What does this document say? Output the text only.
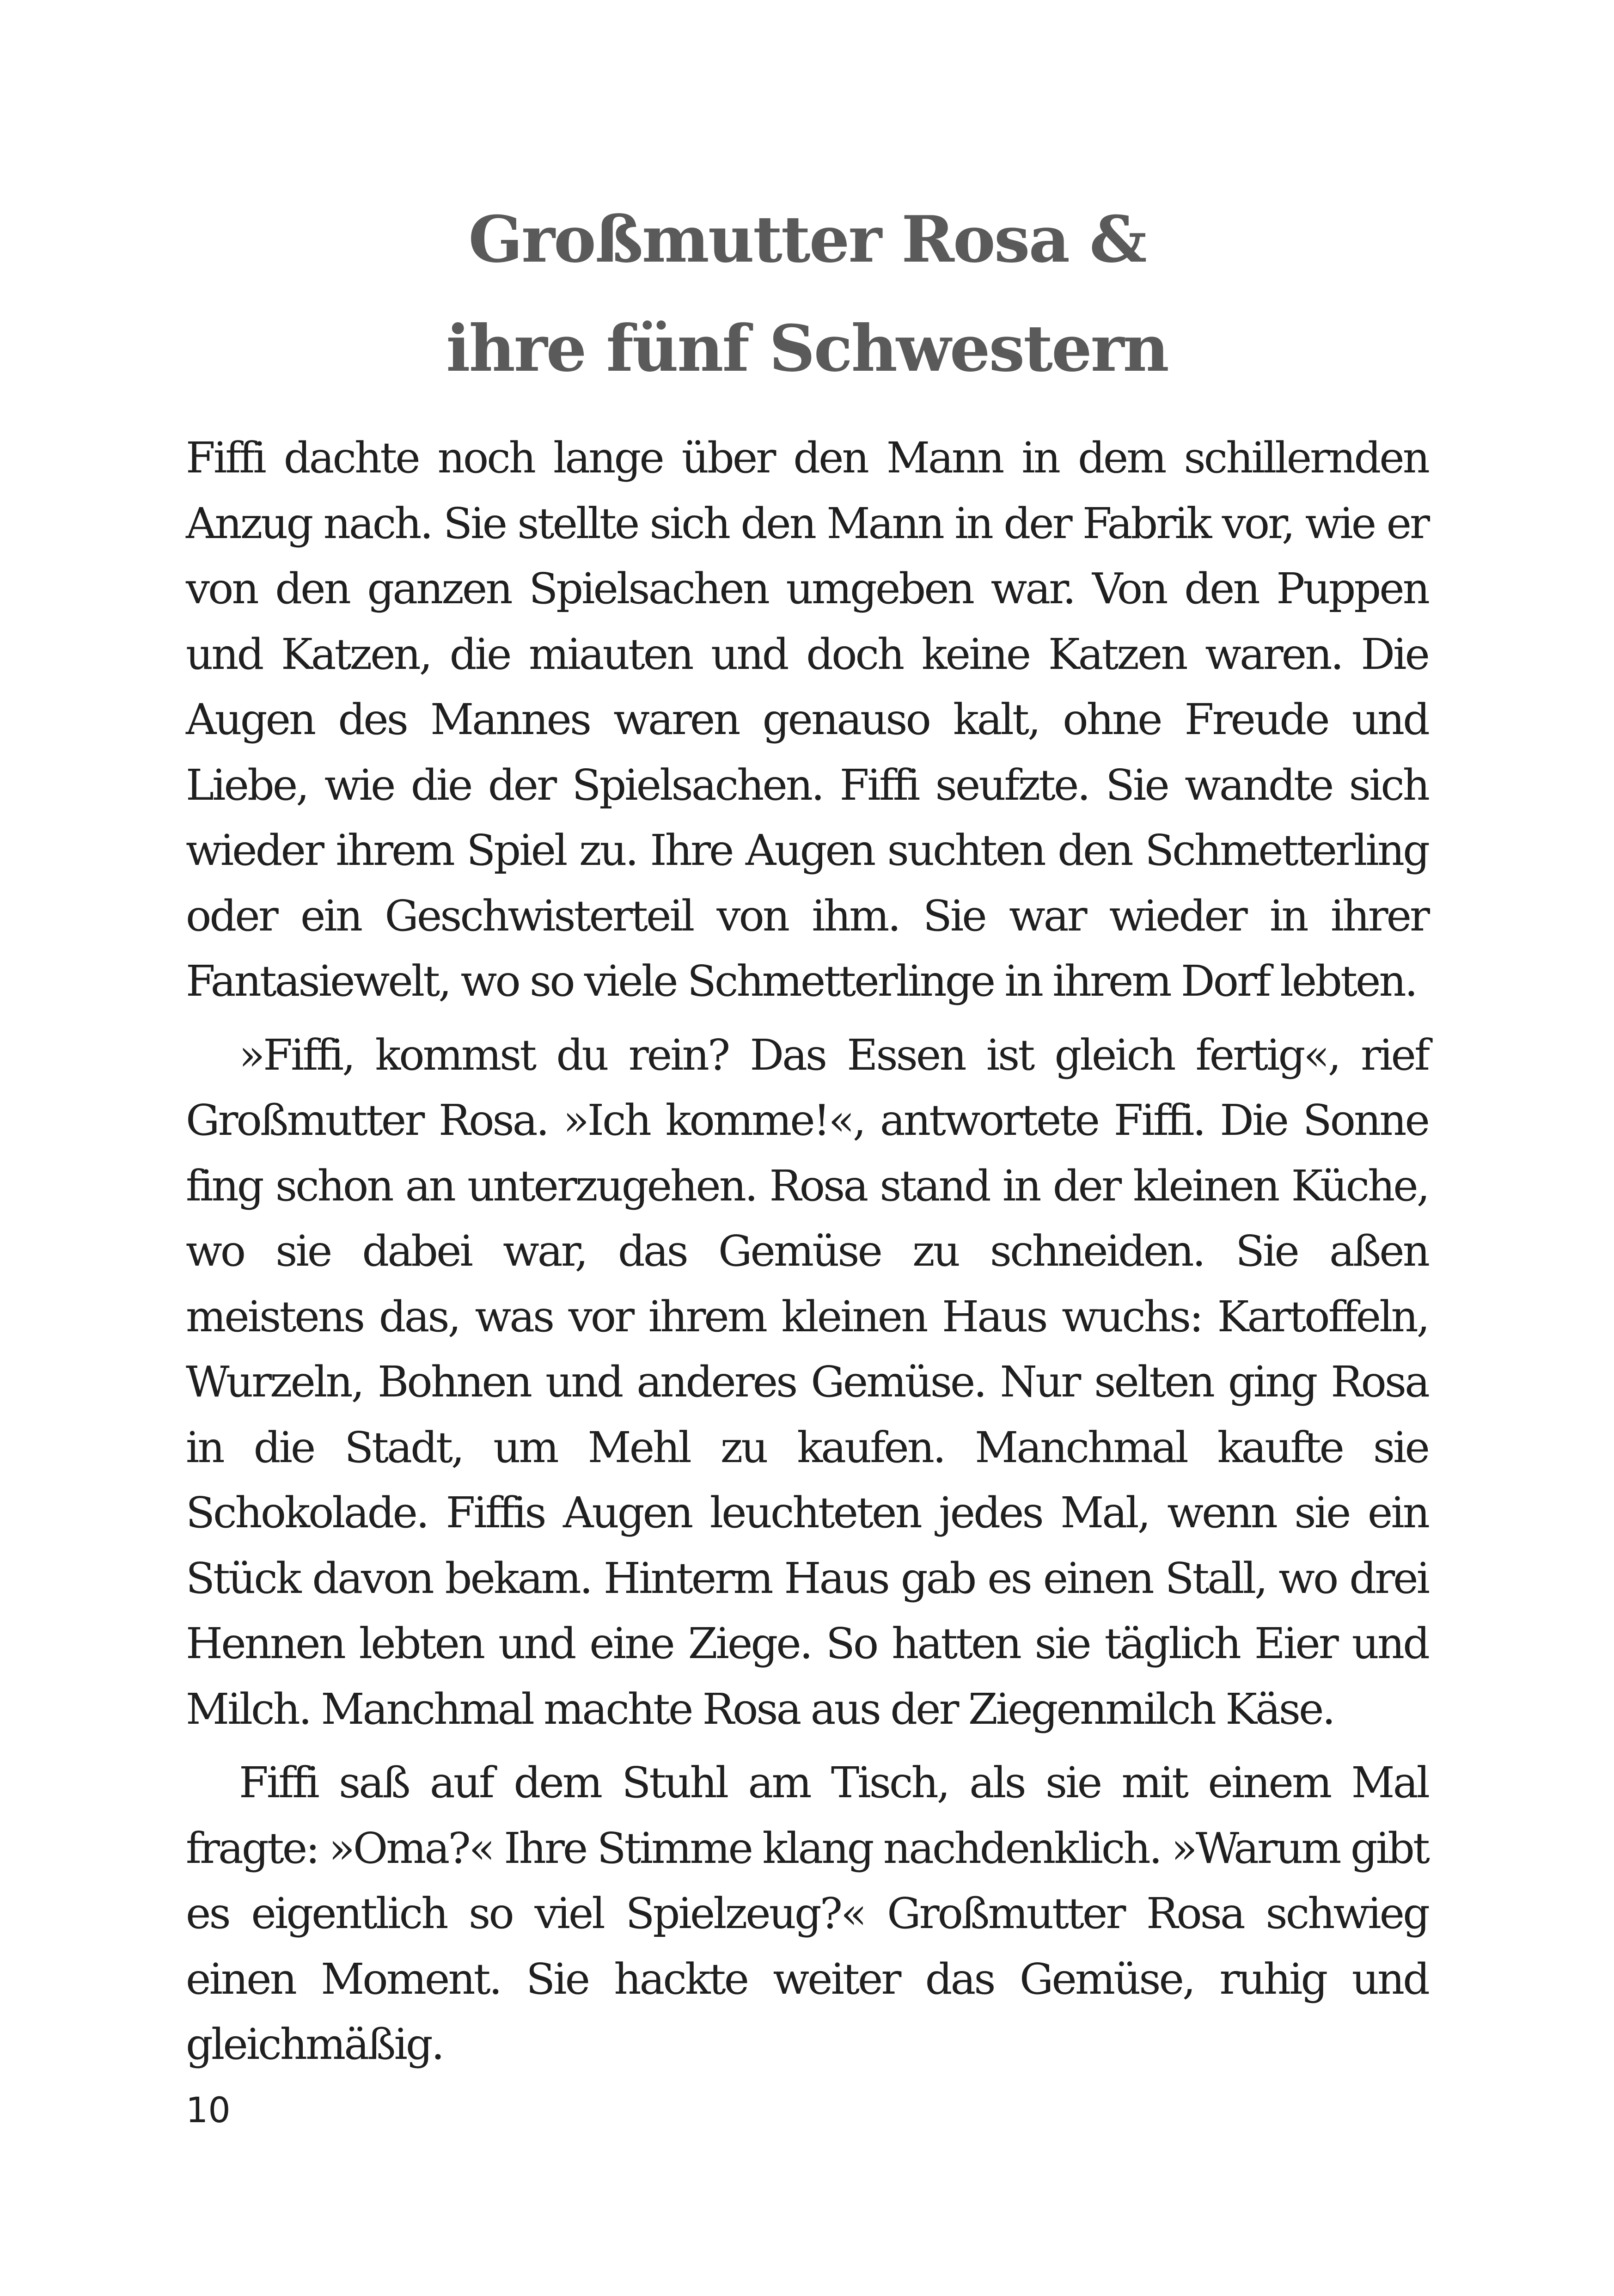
Großmutter Rosa &
ihre fünf Schwestern

Fiffi dachte noch lange über den Mann in dem schillernden Anzug nach. Sie stellte sich den Mann in der Fabrik vor, wie er von den ganzen Spielsachen umgeben war. Von den Puppen und Katzen, die miauten und doch keine Katzen waren. Die Augen des Mannes waren genauso kalt, ohne Freude und Liebe, wie die der Spielsachen. Fiffi seufzte. Sie wandte sich wieder ihrem Spiel zu. Ihre Augen suchten den Schmetterling oder ein Geschwisterteil von ihm. Sie war wieder in ihrer Fantasiewelt, wo so viele Schmetterlinge in ihrem Dorf lebten.

»Fiffi, kommst du rein? Das Essen ist gleich fertig«, rief Großmutter Rosa. »Ich komme!«, antwortete Fiffi. Die Sonne fing schon an unterzugehen. Rosa stand in der kleinen Küche, wo sie dabei war, das Gemüse zu schneiden. Sie aßen meistens das, was vor ihrem kleinen Haus wuchs: Kartoffeln, Wurzeln, Bohnen und anderes Gemüse. Nur selten ging Rosa in die Stadt, um Mehl zu kaufen. Manchmal kaufte sie Schokolade. Fiffis Augen leuchteten jedes Mal, wenn sie ein Stück davon bekam. Hinterm Haus gab es einen Stall, wo drei Hennen lebten und eine Ziege. So hatten sie täglich Eier und Milch. Manchmal machte Rosa aus der Ziegenmilch Käse.

Fiffi saß auf dem Stuhl am Tisch, als sie mit einem Mal fragte: »Oma?« Ihre Stimme klang nachdenklich. »Warum gibt es eigentlich so viel Spielzeug?« Großmutter Rosa schwieg einen Moment. Sie hackte weiter das Gemüse, ruhig und gleichmäßig.

10
